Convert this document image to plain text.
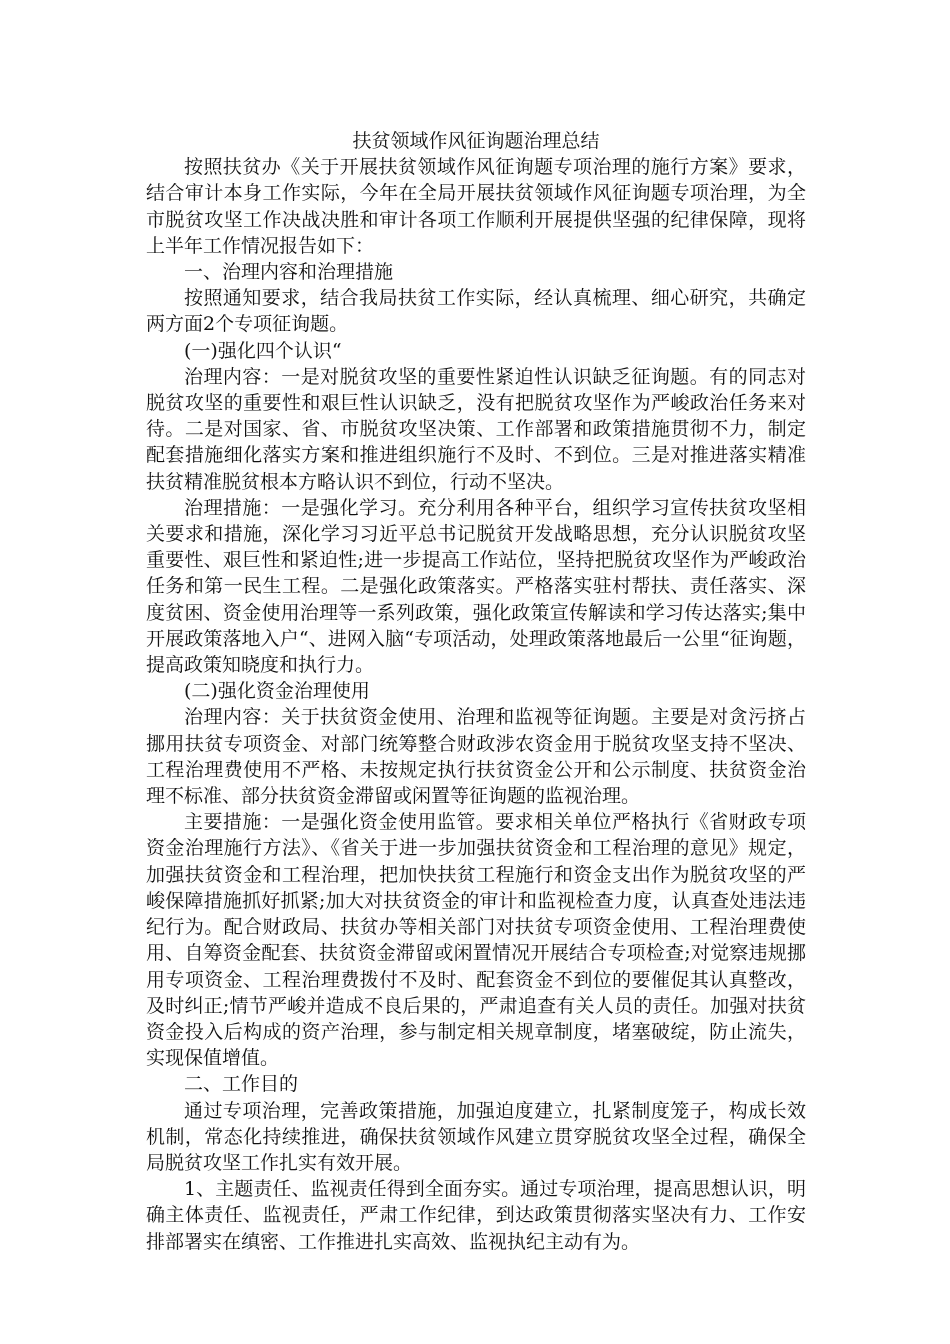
扶贫领域作风征询题治理总结

按照扶贫办《关于开展扶贫领域作风征询题专项治理的施行方案》要求，结合审计本身工作实际，今年在全局开展扶贫领域作风征询题专项治理，为全市脱贫攻坚工作决战决胜和审计各项工作顺利开展提供坚强的纪律保障，现将上半年工作情况报告如下：

一、治理内容和治理措施

按照通知要求，结合我局扶贫工作实际，经认真梳理、细心研究，共确定两方面2个专项征询题。

(一)强化四个认识“

治理内容：一是对脱贫攻坚的重要性紧迫性认识缺乏征询题。有的同志对脱贫攻坚的重要性和艰巨性认识缺乏，没有把脱贫攻坚作为严峻政治任务来对待。二是对国家、省、市脱贫攻坚决策、工作部署和政策措施贯彻不力，制定配套措施细化落实方案和推进组织施行不及时、不到位。三是对推进落实精准扶贫精准脱贫根本方略认识不到位，行动不坚决。

治理措施：一是强化学习。充分利用各种平台，组织学习宣传扶贫攻坚相关要求和措施，深化学习习近平总书记脱贫开发战略思想，充分认识脱贫攻坚重要性、艰巨性和紧迫性;进一步提高工作站位，坚持把脱贫攻坚作为严峻政治任务和第一民生工程。二是强化政策落实。严格落实驻村帮扶、责任落实、深度贫困、资金使用治理等一系列政策，强化政策宣传解读和学习传达落实;集中开展政策落地入户“、进网入脑“专项活动，处理政策落地最后一公里“征询题，提高政策知晓度和执行力。

(二)强化资金治理使用

治理内容：关于扶贫资金使用、治理和监视等征询题。主要是对贪污挤占挪用扶贫专项资金、对部门统筹整合财政涉农资金用于脱贫攻坚支持不坚决、工程治理费使用不严格、未按规定执行扶贫资金公开和公示制度、扶贫资金治理不标准、部分扶贫资金滞留或闲置等征询题的监视治理。

主要措施：一是强化资金使用监管。要求相关单位严格执行《省财政专项资金治理施行方法》、《省关于进一步加强扶贫资金和工程治理的意见》规定，加强扶贫资金和工程治理，把加快扶贫工程施行和资金支出作为脱贫攻坚的严峻保障措施抓好抓紧;加大对扶贫资金的审计和监视检查力度，认真查处违法违纪行为。配合财政局、扶贫办等相关部门对扶贫专项资金使用、工程治理费使用、自筹资金配套、扶贫资金滞留或闲置情况开展结合专项检查;对觉察违规挪用专项资金、工程治理费拨付不及时、配套资金不到位的要催促其认真整改，及时纠正;情节严峻并造成不良后果的，严肃追查有关人员的责任。加强对扶贫资金投入后构成的资产治理，参与制定相关规章制度，堵塞破绽，防止流失，实现保值增值。

二、工作目的

通过专项治理，完善政策措施，加强迫度建立，扎紧制度笼子，构成长效机制，常态化持续推进，确保扶贫领域作风建立贯穿脱贫攻坚全过程，确保全局脱贫攻坚工作扎实有效开展。

1、主题责任、监视责任得到全面夯实。通过专项治理，提高思想认识，明确主体责任、监视责任，严肃工作纪律，到达政策贯彻落实坚决有力、工作安排部署实在缜密、工作推进扎实高效、监视执纪主动有为。
